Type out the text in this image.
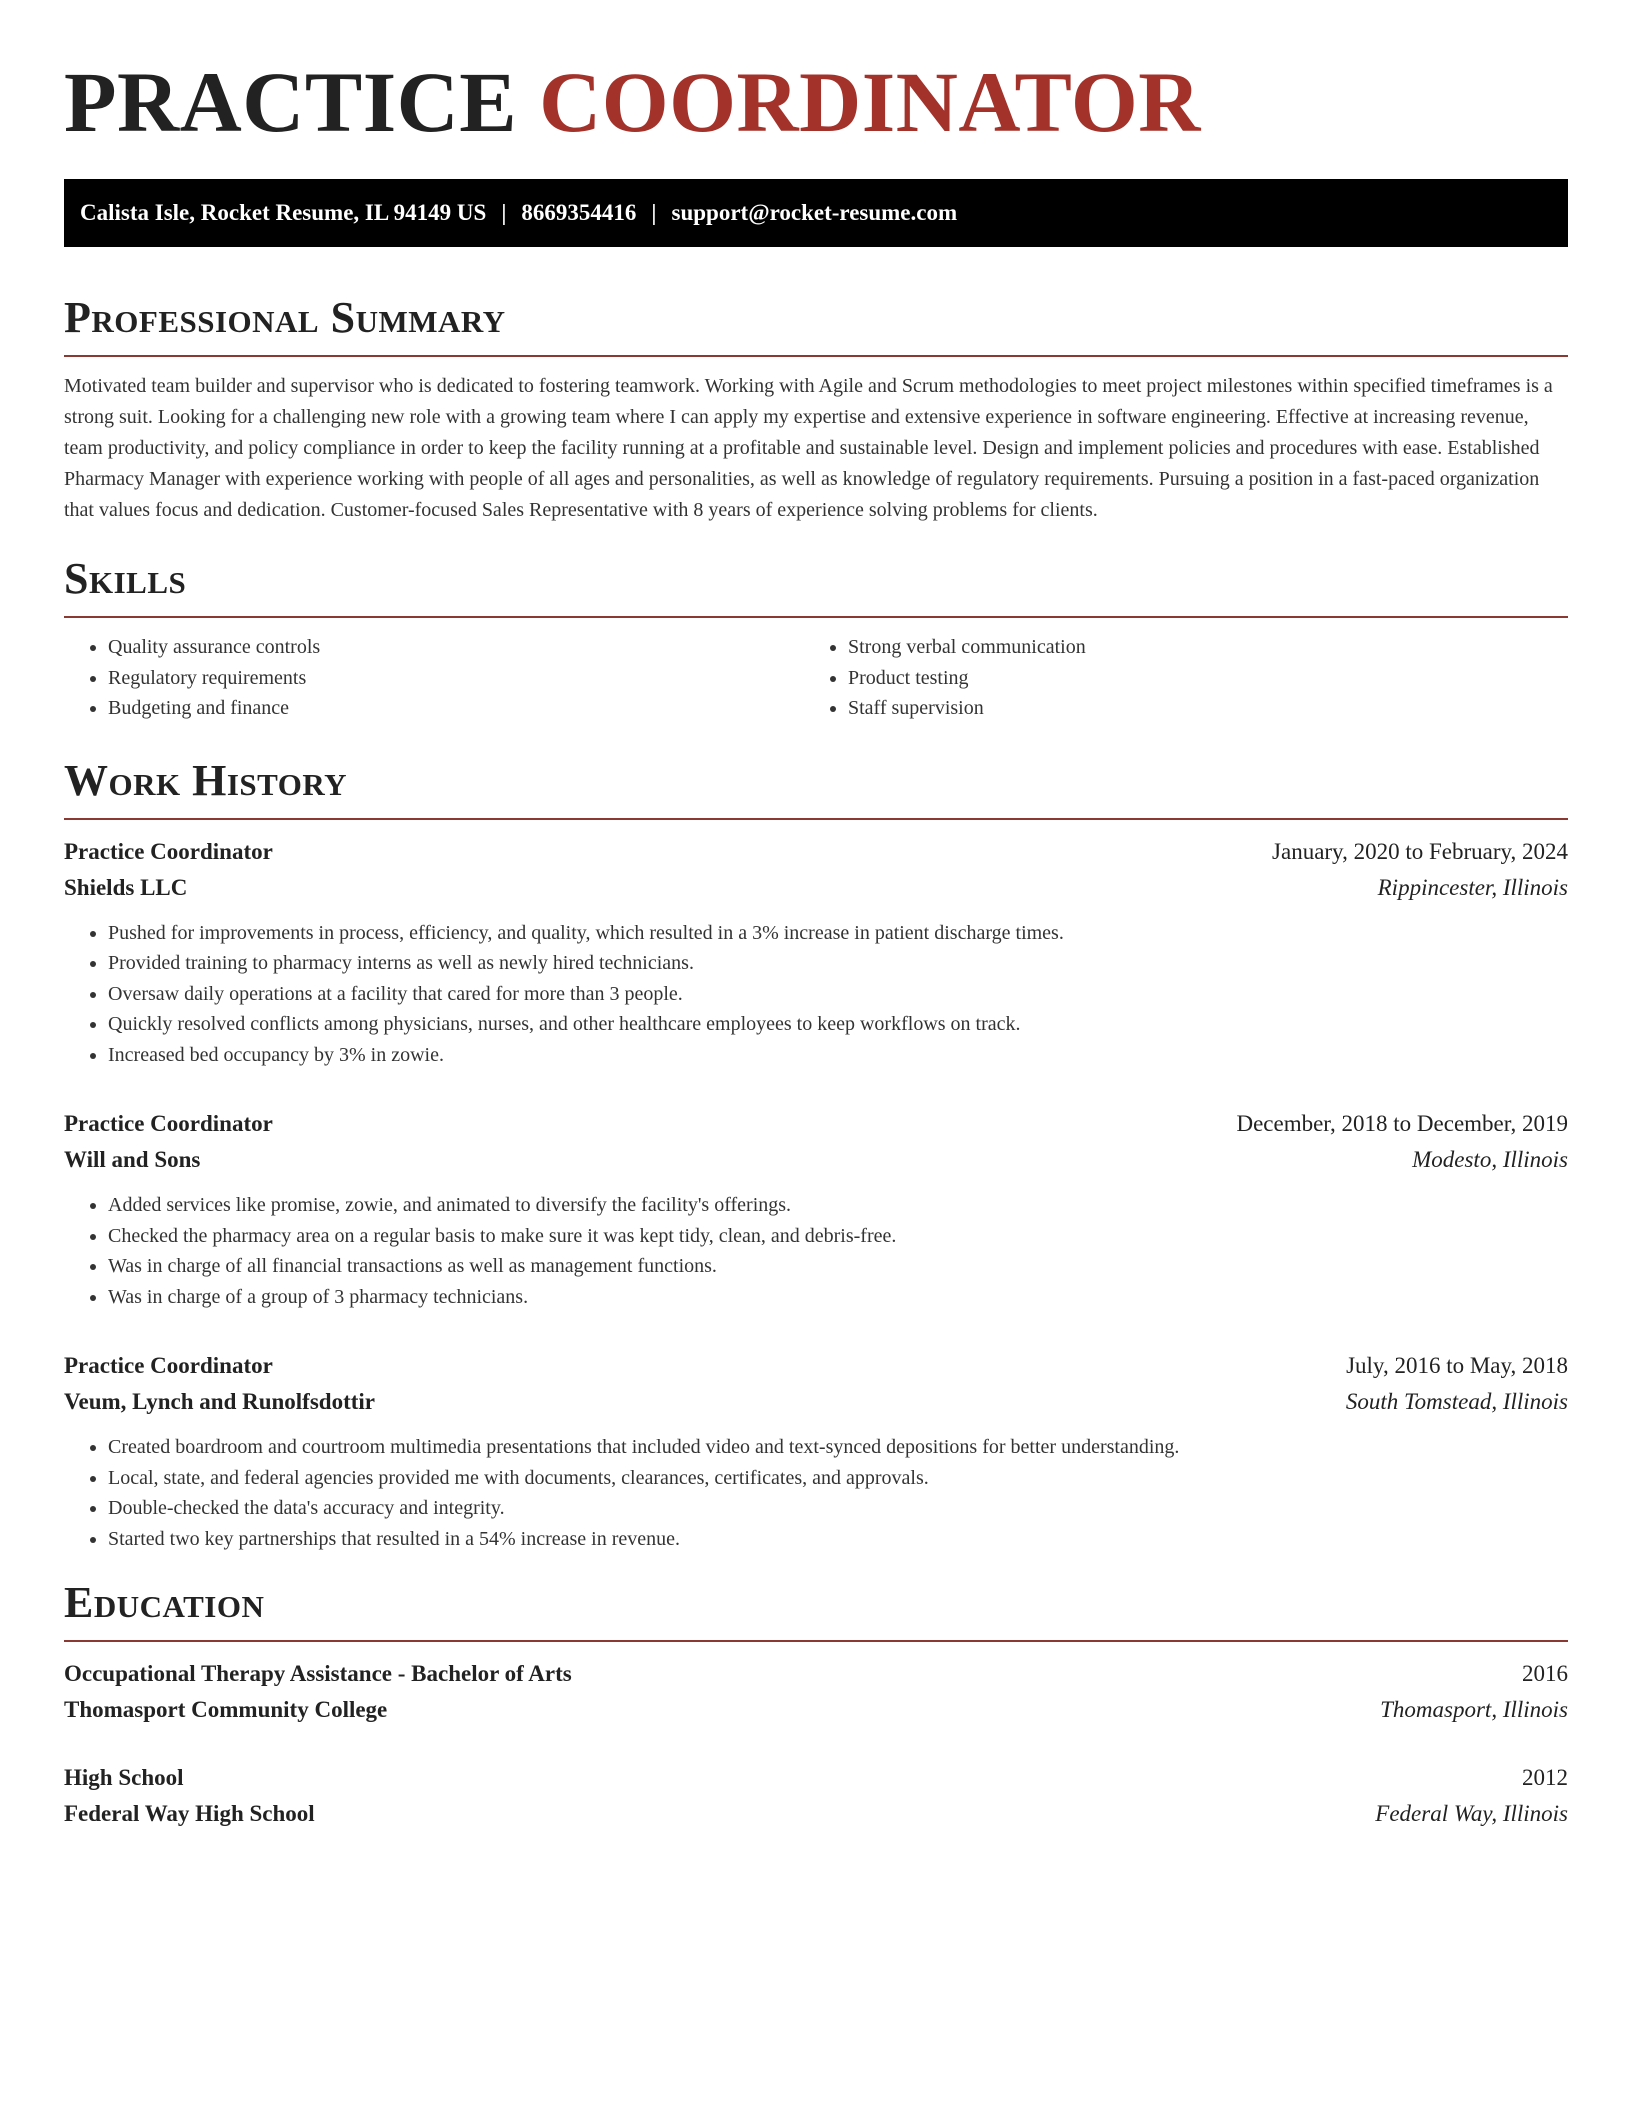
PRACTICE COORDINATOR
Calista Isle, Rocket Resume, IL 94149 US | 8669354416 | support@rocket-resume.com
Professional Summary

Motivated team builder and supervisor who is dedicated to fostering teamwork. Working with Agile and Scrum methodologies to meet project milestones within specified timeframes is a strong suit. Looking for a challenging new role with a growing team where I can apply my expertise and extensive experience in software engineering. Effective at increasing revenue, team productivity, and policy compliance in order to keep the facility running at a profitable and sustainable level. Design and implement policies and procedures with ease. Established Pharmacy Manager with experience working with people of all ages and personalities, as well as knowledge of regulatory requirements. Pursuing a position in a fast-paced organization that values focus and dedication. Customer-focused Sales Representative with 8 years of experience solving problems for clients.

Skills
• Quality assurance controls
• Regulatory requirements
• Budgeting and finance
• Strong verbal communication
• Product testing
• Staff supervision
Work History
Practice Coordinator	January, 2020 to February, 2024
Shields LLC	Rippincester, Illinois
• Pushed for improvements in process, efficiency, and quality, which resulted in a 3% increase in patient discharge times.
• Provided training to pharmacy interns as well as newly hired technicians.
• Oversaw daily operations at a facility that cared for more than 3 people.
• Quickly resolved conflicts among physicians, nurses, and other healthcare employees to keep workflows on track.
• Increased bed occupancy by 3% in zowie.
Practice Coordinator	December, 2018 to December, 2019
Will and Sons	Modesto, Illinois
• Added services like promise, zowie, and animated to diversify the facility's offerings.
• Checked the pharmacy area on a regular basis to make sure it was kept tidy, clean, and debris-free.
• Was in charge of all financial transactions as well as management functions.
• Was in charge of a group of 3 pharmacy technicians.
Practice Coordinator	July, 2016 to May, 2018
Veum, Lynch and Runolfsdottir	South Tomstead, Illinois
• Created boardroom and courtroom multimedia presentations that included video and text-synced depositions for better understanding.
• Local, state, and federal agencies provided me with documents, clearances, certificates, and approvals.
• Double-checked the data's accuracy and integrity.
• Started two key partnerships that resulted in a 54% increase in revenue.
Education
Occupational Therapy Assistance - Bachelor of Arts	2016
Thomasport Community College	Thomasport, Illinois
High School	2012
Federal Way High School	Federal Way, Illinois
